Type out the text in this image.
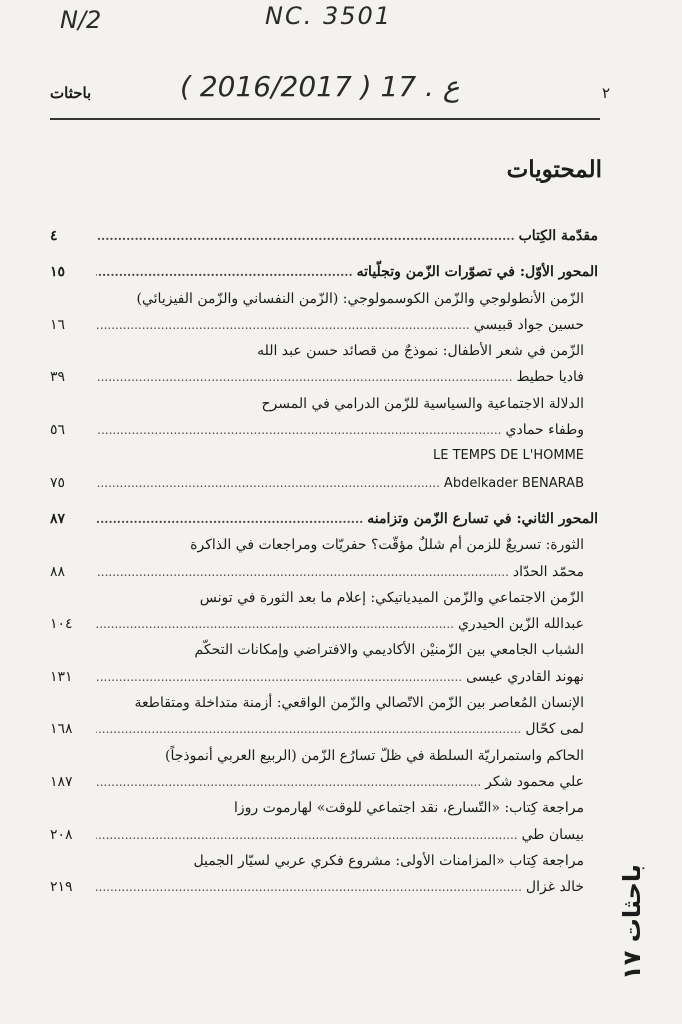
N/2	NC. 3501
( 2016/2017 ) 17 . ع	٢
باحثات
المحتويات
مقدّمة الكِتاب
.....
٤
المحور الأوّل: في تصوّرات الزّمن وتجلّياته
.....
١٥
الزّمن الأنطولوجي والزّمن الكوسمولوجي: (الزّمن النفساني والزّمن الفيزيائي)
حسين جواد قبيسي
.....
١٦
الزّمن في شعر الأطفال: نموذجٌ من قصائد حسن عبد الله
فاديا حطيط
.....
٣٩
الدلالة الاجتماعية والسياسية للزّمن الدرامي في المسرح
وطفاء حمادي
.....
٥٦
LE TEMPS DE L'HOMME
Abdelkader BENARAB
.....
٧٥
المحور الثاني: في تسارع الزّمن وتزامنه
.....
٨٧
الثورة: تسريعٌ للزمن أم شللٌ مؤقّت؟ حفريّات ومراجعات في الذاكرة
محمّد الحدّاد
.....
٨٨
الزّمن الاجتماعي والزّمن الميدياتيكي: إعلام ما بعد الثورة في تونس
عبدالله الزّين الحيدري
.....
١٠٤
الشباب الجامعي بين الزّمنيْن الأكاديمي والافتراضي وإمكانات التحكّم
نهوند القادري عيسى
.....
١٣١
الإنسان المُعاصر بين الزّمن الاتّصالي والزّمن الواقعي: أزمنة متداخلة ومتقاطعة
لمى كحّال
.....
١٦٨
الحاكم واستمراريّة السلطة في ظلّ تسارُع الزّمن (الربيع العربي أنموذجاً)
علي محمود شكر
.....
١٨٧
مراجعة كِتاب: «التّسارع، نقد اجتماعي للوقت» لهارموت روزا
بيسان طي
.....
٢٠٨
مراجعة كِتاب «المزامنات الأولى: مشروع فكري عربي لسيّار الجميل
خالد غزال
.....
٢١٩
باحثات ١٧
